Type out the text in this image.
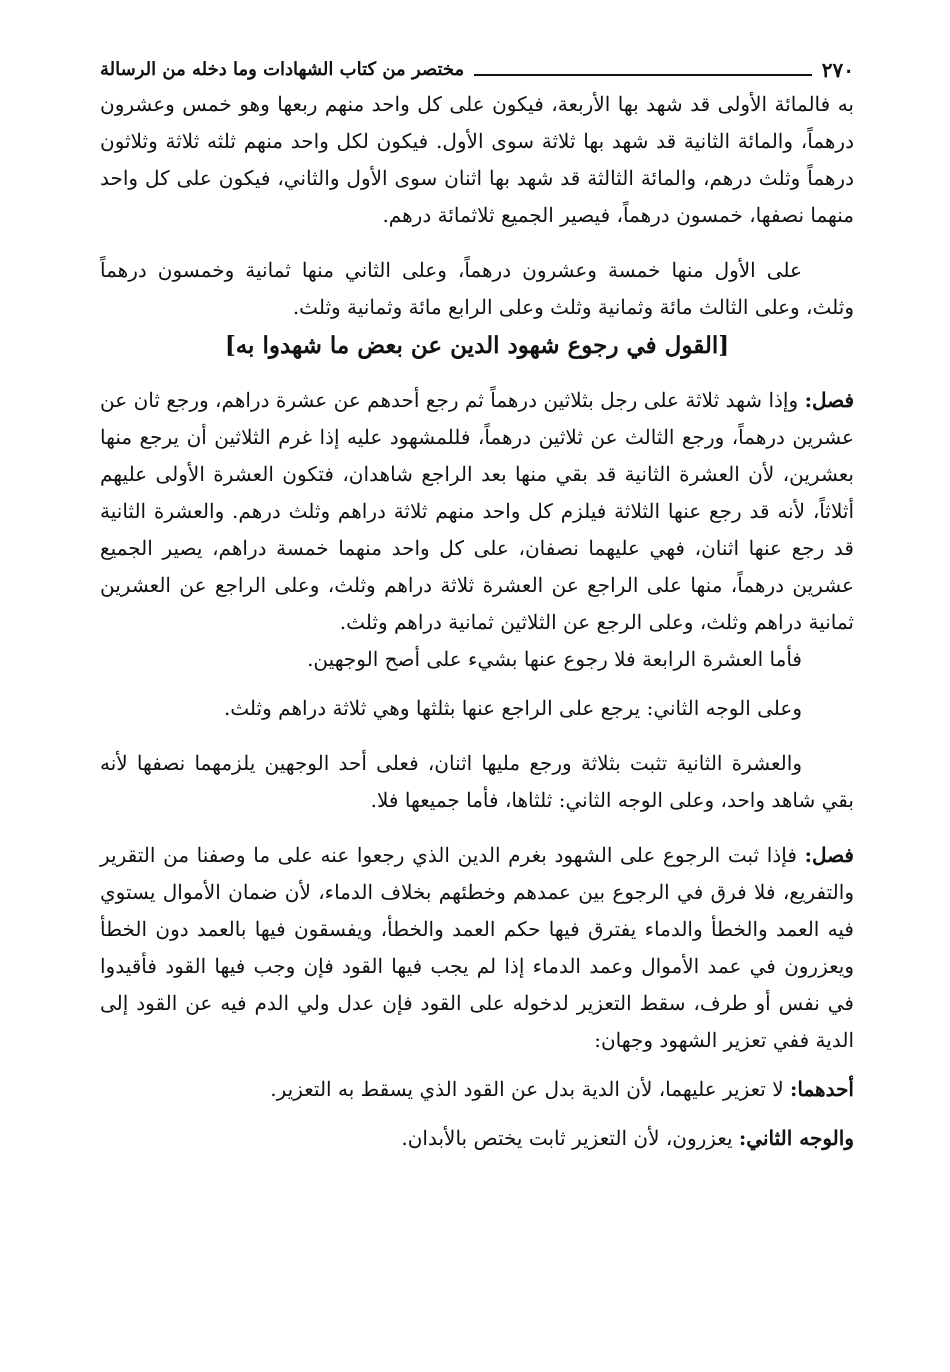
٢٧٠
مختصر من كتاب الشهادات وما دخله من الرسالة

به فالمائة الأولى قد شهد بها الأربعة، فيكون على كل واحد منهم ربعها وهو خمس وعشرون درهماً، والمائة الثانية قد شهد بها ثلاثة سوى الأول. فيكون لكل واحد منهم ثلثه ثلاثة وثلاثون درهماً وثلث درهم، والمائة الثالثة قد شهد بها اثنان سوى الأول والثاني، فيكون على كل واحد منهما نصفها، خمسون درهماً، فيصير الجميع ثلاثمائة درهم.

على الأول منها خمسة وعشرون درهماً، وعلى الثاني منها ثمانية وخمسون درهماً وثلث، وعلى الثالث مائة وثمانية وثلث وعلى الرابع مائة وثمانية وثلث.

[القول في رجوع شهود الدين عن بعض ما شهدوا به]

فصل: وإذا شهد ثلاثة على رجل بثلاثين درهماً ثم رجع أحدهم عن عشرة دراهم، ورجع ثان عن عشرين درهماً، ورجع الثالث عن ثلاثين درهماً، فللمشهود عليه إذا غرم الثلاثين أن يرجع منها بعشرين، لأن العشرة الثانية قد بقي منها بعد الراجع شاهدان، فتكون العشرة الأولى عليهم أثلاثاً، لأنه قد رجع عنها الثلاثة فيلزم كل واحد منهم ثلاثة دراهم وثلث درهم. والعشرة الثانية قد رجع عنها اثنان، فهي عليهما نصفان، على كل واحد منهما خمسة دراهم، يصير الجميع عشرين درهماً، منها على الراجع عن العشرة ثلاثة دراهم وثلث، وعلى الراجع عن العشرين ثمانية دراهم وثلث، وعلى الرجع عن الثلاثين ثمانية دراهم وثلث.

فأما العشرة الرابعة فلا رجوع عنها بشيء على أصح الوجهين.

وعلى الوجه الثاني: يرجع على الراجع عنها بثلثها وهي ثلاثة دراهم وثلث.

والعشرة الثانية تثبت بثلاثة ورجع مليها اثنان، فعلى أحد الوجهين يلزمهما نصفها لأنه بقي شاهد واحد، وعلى الوجه الثاني: ثلثاها، فأما جميعها فلا.

فصل: فإذا ثبت الرجوع على الشهود بغرم الدين الذي رجعوا عنه على ما وصفنا من التقرير والتفريع، فلا فرق في الرجوع بين عمدهم وخطئهم بخلاف الدماء، لأن ضمان الأموال يستوي فيه العمد والخطأ والدماء يفترق فيها حكم العمد والخطأ، ويفسقون فيها بالعمد دون الخطأ ويعزرون في عمد الأموال وعمد الدماء إذا لم يجب فيها القود فإن وجب فيها القود فأقيدوا في نفس أو طرف، سقط التعزير لدخوله على القود فإن عدل ولي الدم فيه عن القود إلى الدية ففي تعزير الشهود وجهان:

أحدهما: لا تعزير عليهما، لأن الدية بدل عن القود الذي يسقط به التعزير.

والوجه الثاني: يعزرون، لأن التعزير ثابت يختص بالأبدان.
